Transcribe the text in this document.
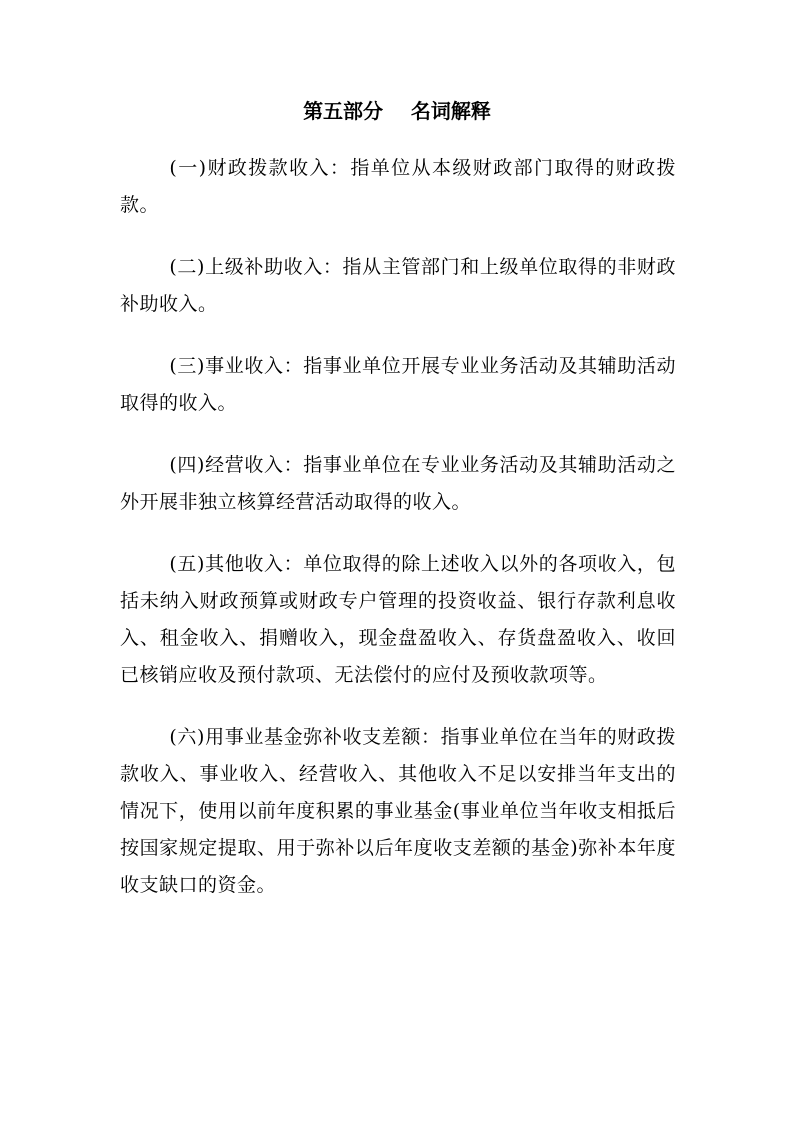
第五部分    名词解释

(一)财政拨款收入：指单位从本级财政部门取得的财政拨款。

(二)上级补助收入：指从主管部门和上级单位取得的非财政补助收入。

(三)事业收入：指事业单位开展专业业务活动及其辅助活动取得的收入。

(四)经营收入：指事业单位在专业业务活动及其辅助活动之外开展非独立核算经营活动取得的收入。

(五)其他收入：单位取得的除上述收入以外的各项收入，包括未纳入财政预算或财政专户管理的投资收益、银行存款利息收入、租金收入、捐赠收入，现金盘盈收入、存货盘盈收入、收回已核销应收及预付款项、无法偿付的应付及预收款项等。

(六)用事业基金弥补收支差额：指事业单位在当年的财政拨款收入、事业收入、经营收入、其他收入不足以安排当年支出的情况下，使用以前年度积累的事业基金(事业单位当年收支相抵后按国家规定提取、用于弥补以后年度收支差额的基金)弥补本年度收支缺口的资金。
